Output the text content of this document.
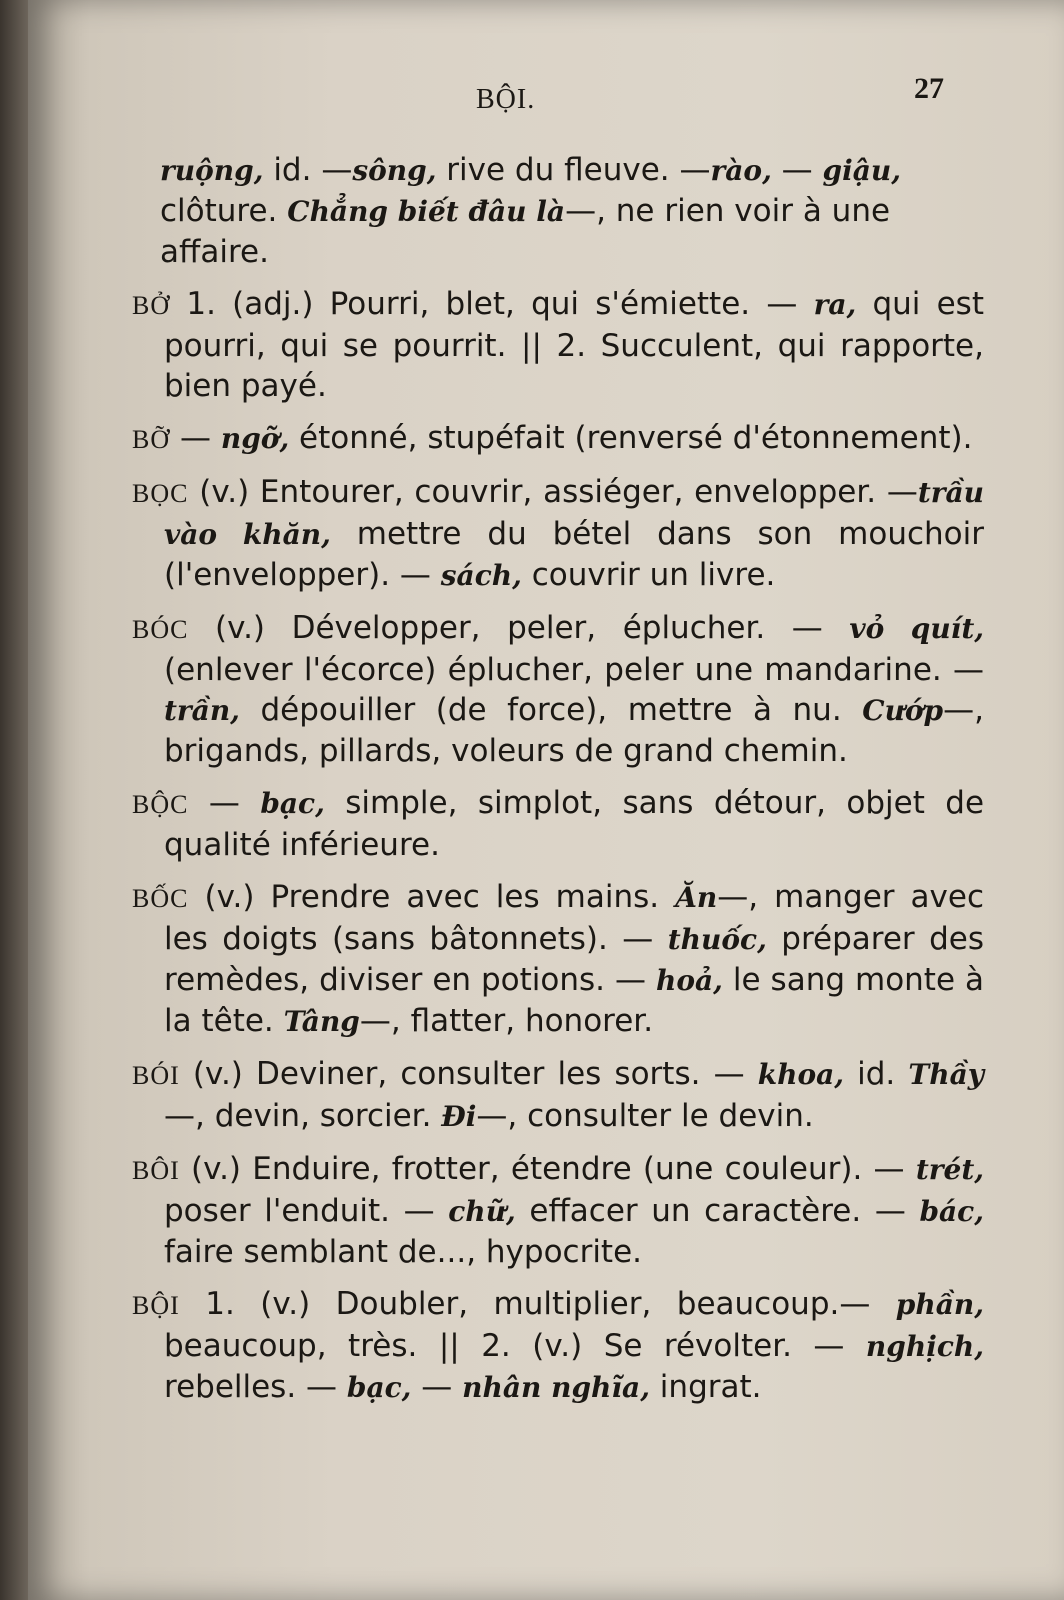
BỘI.	27
ruộng, id. —sông, rive du fleuve. —rào, — giậu, clôture. Chẳng biết đâu là—, ne rien voir à une affaire.
BỞ 1. (adj.) Pourri, blet, qui s'émiette. — ra, qui est pourri, qui se pourrit. || 2. Succulent, qui rapporte, bien payé.
BỠ — ngỡ, étonné, stupéfait (renversé d'étonnement).
BỌC (v.) Entourer, couvrir, assiéger, envelopper. —trầu vào khăn, mettre du bétel dans son mouchoir (l'envelopper). — sách, couvrir un livre.
BÓC (v.) Développer, peler, éplucher. — vỏ quít, (enlever l'écorce) éplucher, peler une mandarine. —trần, dépouiller (de force), mettre à nu. Cướp—, brigands, pillards, voleurs de grand chemin.
BỘC — bạc, simple, simplot, sans détour, objet de qualité inférieure.
BỐC (v.) Prendre avec les mains. Ăn—, manger avec les doigts (sans bâtonnets). — thuốc, préparer des remèdes, diviser en potions. — hoả, le sang monte à la tête. Tâng—, flatter, honorer.
BÓI (v.) Deviner, consulter les sorts. — khoa, id. Thầy—, devin, sorcier. Đi—, consulter le devin.
BÔI (v.) Enduire, frotter, étendre (une couleur). — trét, poser l'enduit. — chữ, effacer un caractère. — bác, faire semblant de..., hypocrite.
BỘI 1. (v.) Doubler, multiplier, beaucoup.— phần, beaucoup, très. || 2. (v.) Se révolter. — nghịch, rebelles. — bạc, — nhân nghĩa, ingrat.
